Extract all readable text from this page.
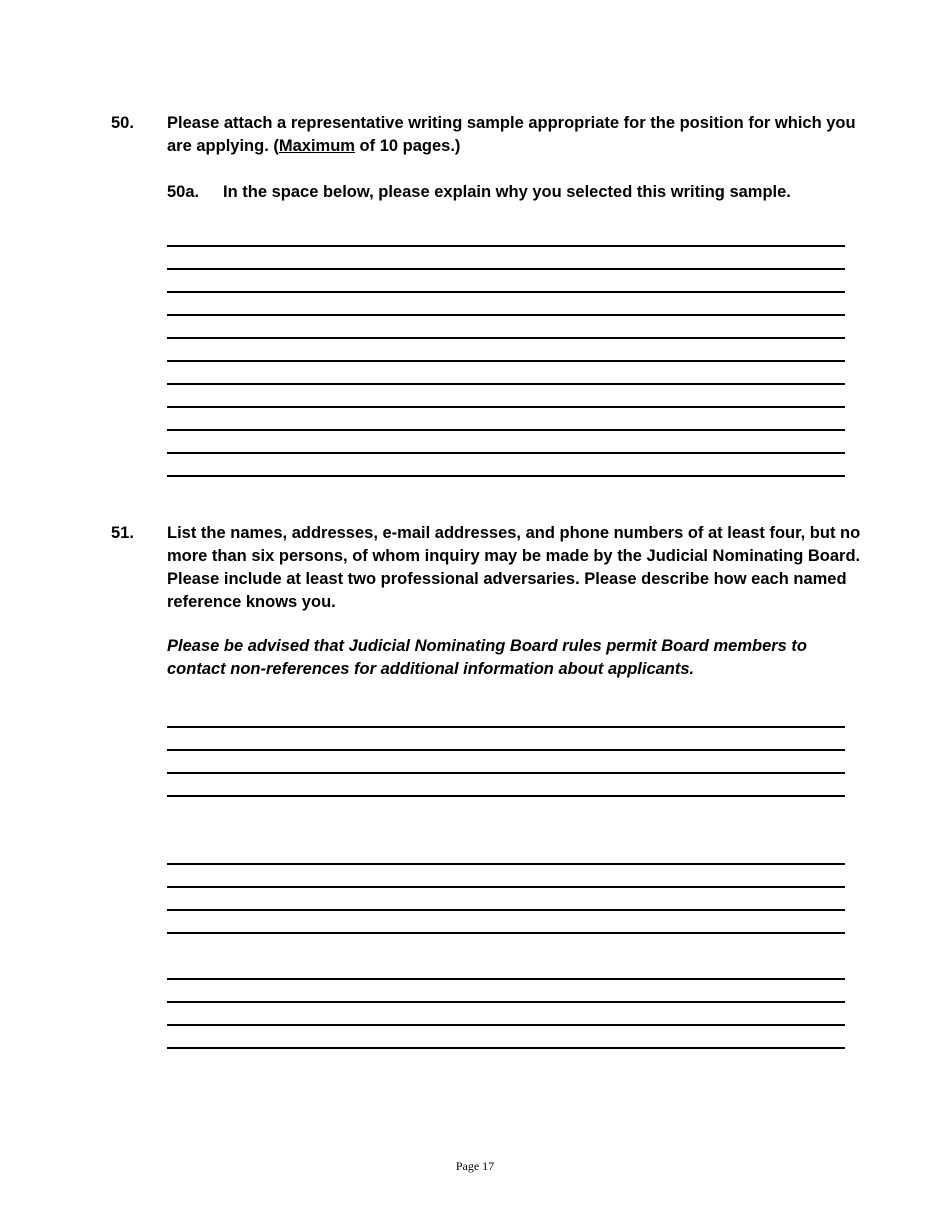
50. Please attach a representative writing sample appropriate for the position for which you are applying. (Maximum of 10 pages.)
50a. In the space below, please explain why you selected this writing sample.
51. List the names, addresses, e-mail addresses, and phone numbers of at least four, but no more than six persons, of whom inquiry may be made by the Judicial Nominating Board. Please include at least two professional adversaries. Please describe how each named reference knows you.
Please be advised that Judicial Nominating Board rules permit Board members to contact non-references for additional information about applicants.
Page 17
